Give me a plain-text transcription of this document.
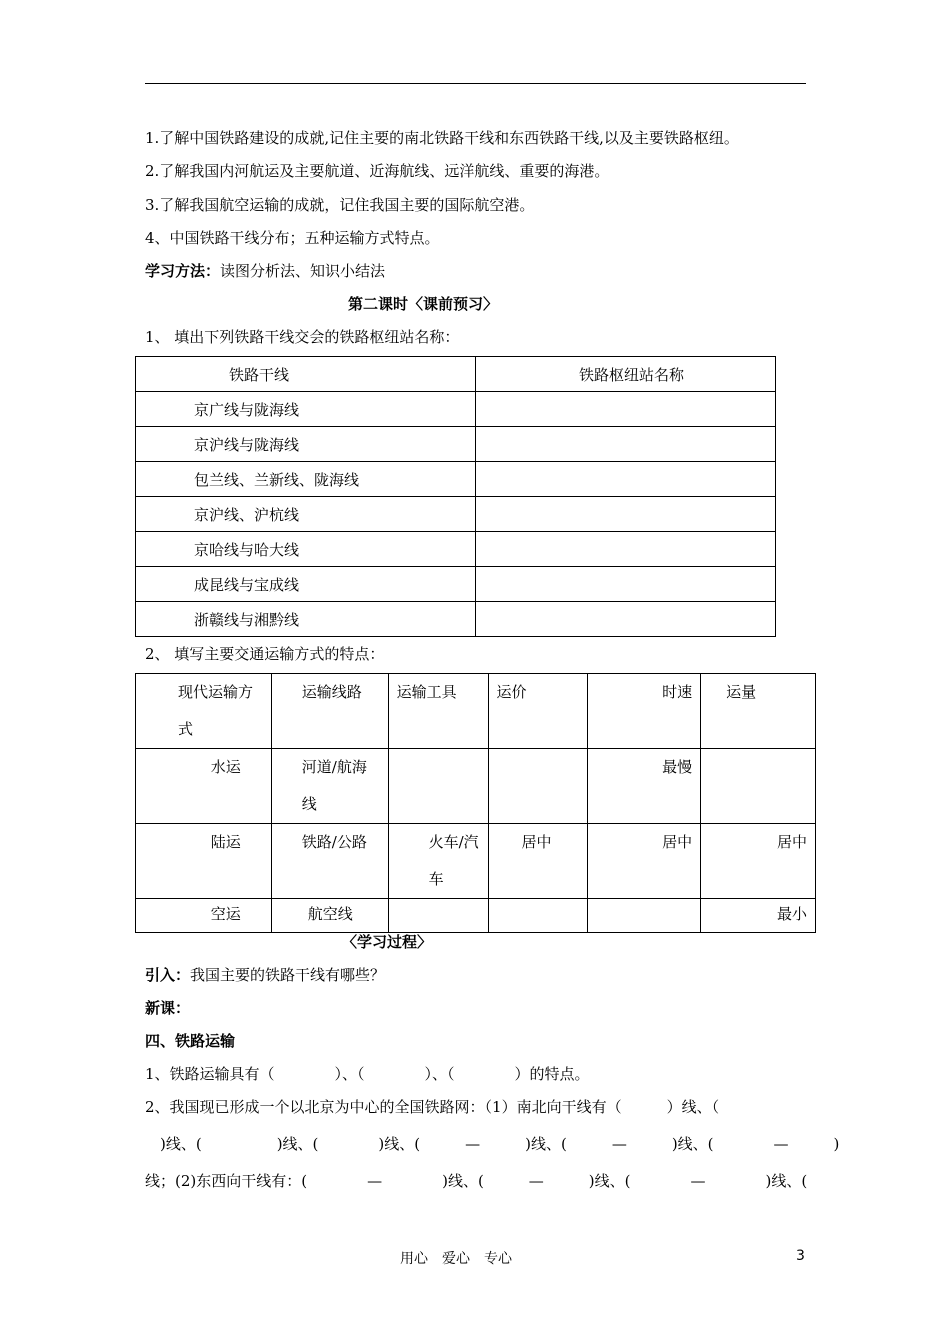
1.了解中国铁路建设的成就,记住主要的南北铁路干线和东西铁路干线,以及主要铁路枢纽。
2.了解我国内河航运及主要航道、近海航线、远洋航线、重要的海港。
3.了解我国航空运输的成就，记住我国主要的国际航空港。
4、中国铁路干线分布；五种运输方式特点。
学习方法：读图分析法、知识小结法
第二课时〈课前预习〉
1、 填出下列铁路干线交会的铁路枢纽站名称：
铁路干线	铁路枢纽站名称
京广线与陇海线	
京沪线与陇海线	
包兰线、兰新线、陇海线	
京沪线、沪杭线	
京哈线与哈大线	
成昆线与宝成线	
浙赣线与湘黔线	
2、 填写主要交通运输方式的特点：
现代运输方式	运输线路	运输工具	运价	时速	运量
水运	河道/航海线			最慢	
陆运	铁路/公路	火车/汽车	居中	居中	居中
空运	航空线				最小
〈学习过程〉
引入：我国主要的铁路干线有哪些？
新课：
四、铁路运输
1、铁路运输具有（　　　　）、（　　　　）、（　　　　）的特点。
2、我国现已形成一个以北京为中心的全国铁路网：（1）南北向干线有（　　　）线、（
　)线、(　　　　　)线、(　　　　)线、(　　　—　　　)线、(　　　—　　　)线、(　　　　—　　　)
线；(2)东西向干线有：(　　　　—　　　　)线、(　　　—　　　)线、(　　　　—　　　　)线、(
用心　爱心　专心	3
